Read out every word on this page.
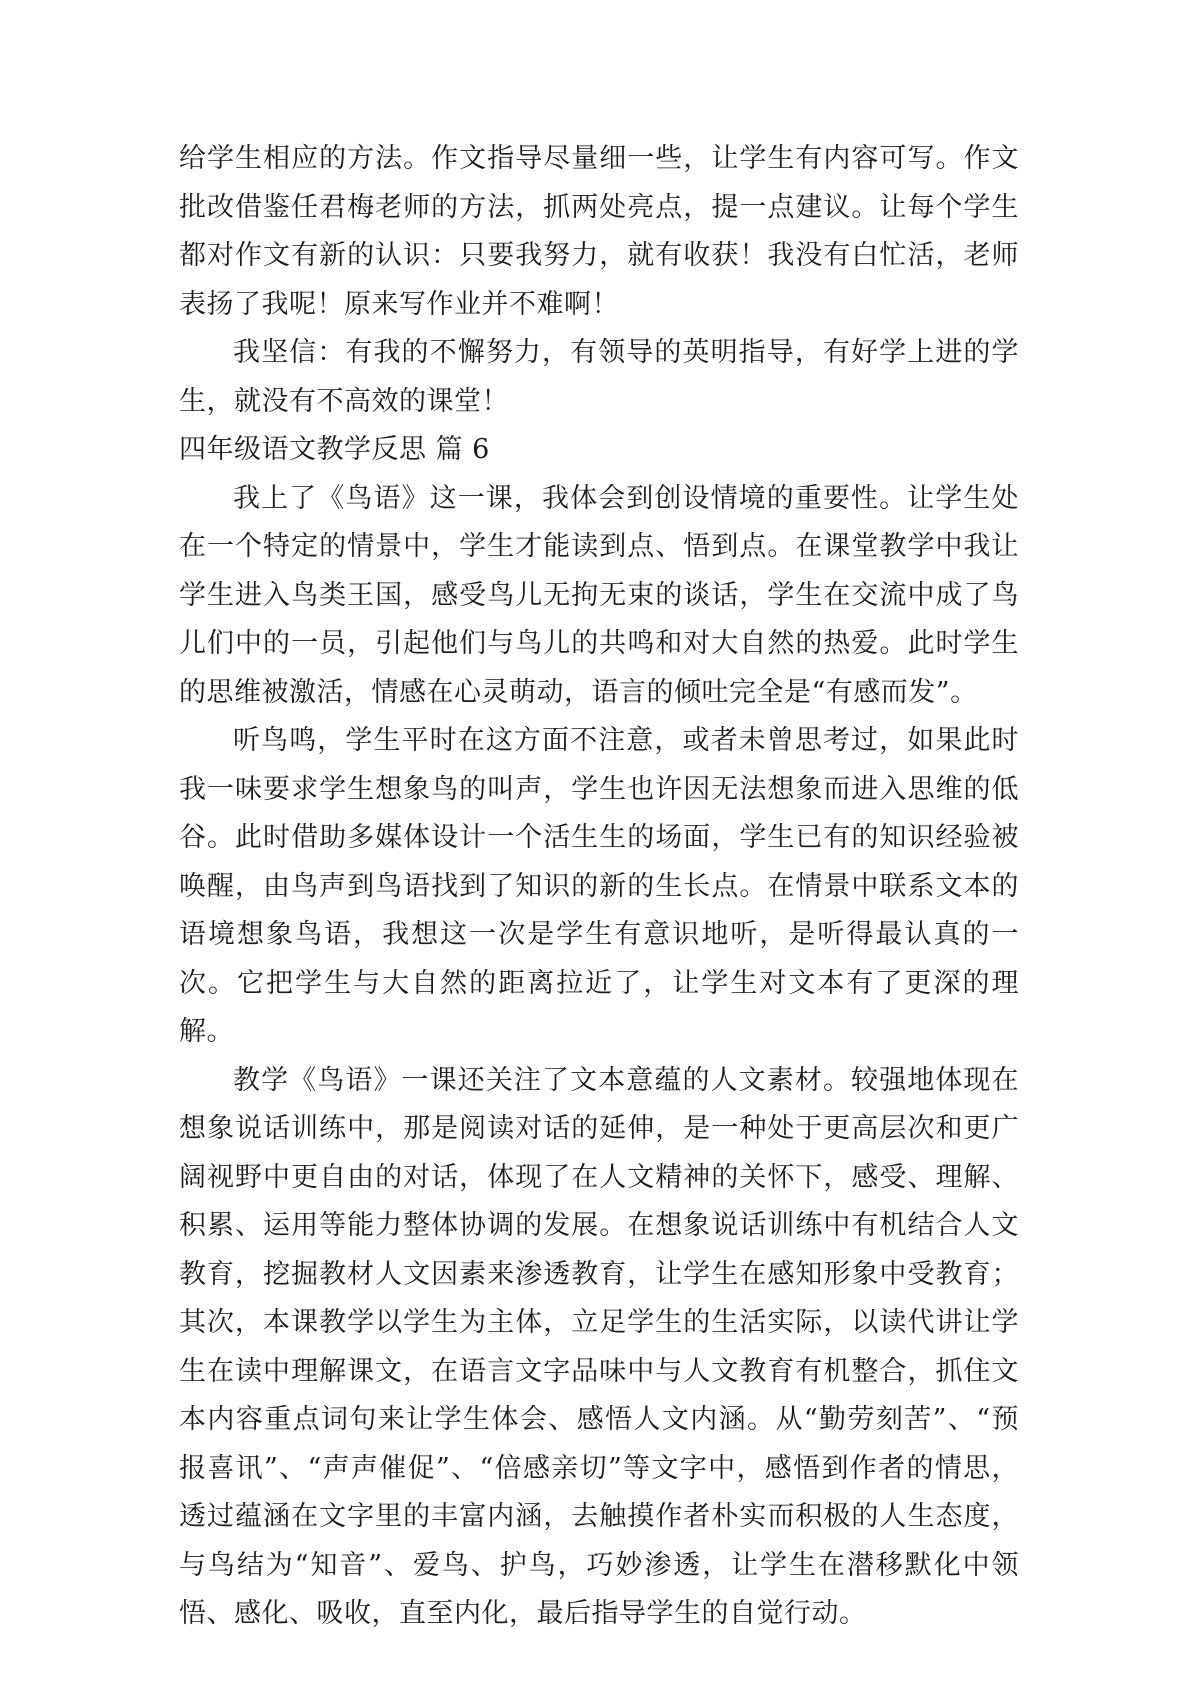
给学生相应的方法。作文指导尽量细一些，让学生有内容可写。作文批改借鉴任君梅老师的方法，抓两处亮点，提一点建议。让每个学生都对作文有新的认识：只要我努力，就有收获！我没有白忙活，老师表扬了我呢！原来写作业并不难啊！

我坚信：有我的不懈努力，有领导的英明指导，有好学上进的学生，就没有不高效的课堂！

四年级语文教学反思 篇 6

我上了《鸟语》这一课，我体会到创设情境的重要性。让学生处在一个特定的情景中，学生才能读到点、悟到点。在课堂教学中我让学生进入鸟类王国，感受鸟儿无拘无束的谈话，学生在交流中成了鸟儿们中的一员，引起他们与鸟儿的共鸣和对大自然的热爱。此时学生的思维被激活，情感在心灵萌动，语言的倾吐完全是“有感而发”。

听鸟鸣，学生平时在这方面不注意，或者未曾思考过，如果此时我一味要求学生想象鸟的叫声，学生也许因无法想象而进入思维的低谷。此时借助多媒体设计一个活生生的场面，学生已有的知识经验被唤醒，由鸟声到鸟语找到了知识的新的生长点。在情景中联系文本的语境想象鸟语，我想这一次是学生有意识地听，是听得最认真的一次。它把学生与大自然的距离拉近了，让学生对文本有了更深的理解。

教学《鸟语》一课还关注了文本意蕴的人文素材。较强地体现在想象说话训练中，那是阅读对话的延伸，是一种处于更高层次和更广阔视野中更自由的对话，体现了在人文精神的关怀下，感受、理解、积累、运用等能力整体协调的发展。在想象说话训练中有机结合人文教育，挖掘教材人文因素来渗透教育，让学生在感知形象中受教育；其次，本课教学以学生为主体，立足学生的生活实际，以读代讲让学生在读中理解课文，在语言文字品味中与人文教育有机整合，抓住文本内容重点词句来让学生体会、感悟人文内涵。从“勤劳刻苦”、“预报喜讯”、“声声催促”、“倍感亲切”等文字中，感悟到作者的情思，透过蕴涵在文字里的丰富内涵，去触摸作者朴实而积极的人生态度，与鸟结为“知音”、爱鸟、护鸟，巧妙渗透，让学生在潜移默化中领悟、感化、吸收，直至内化，最后指导学生的自觉行动。
